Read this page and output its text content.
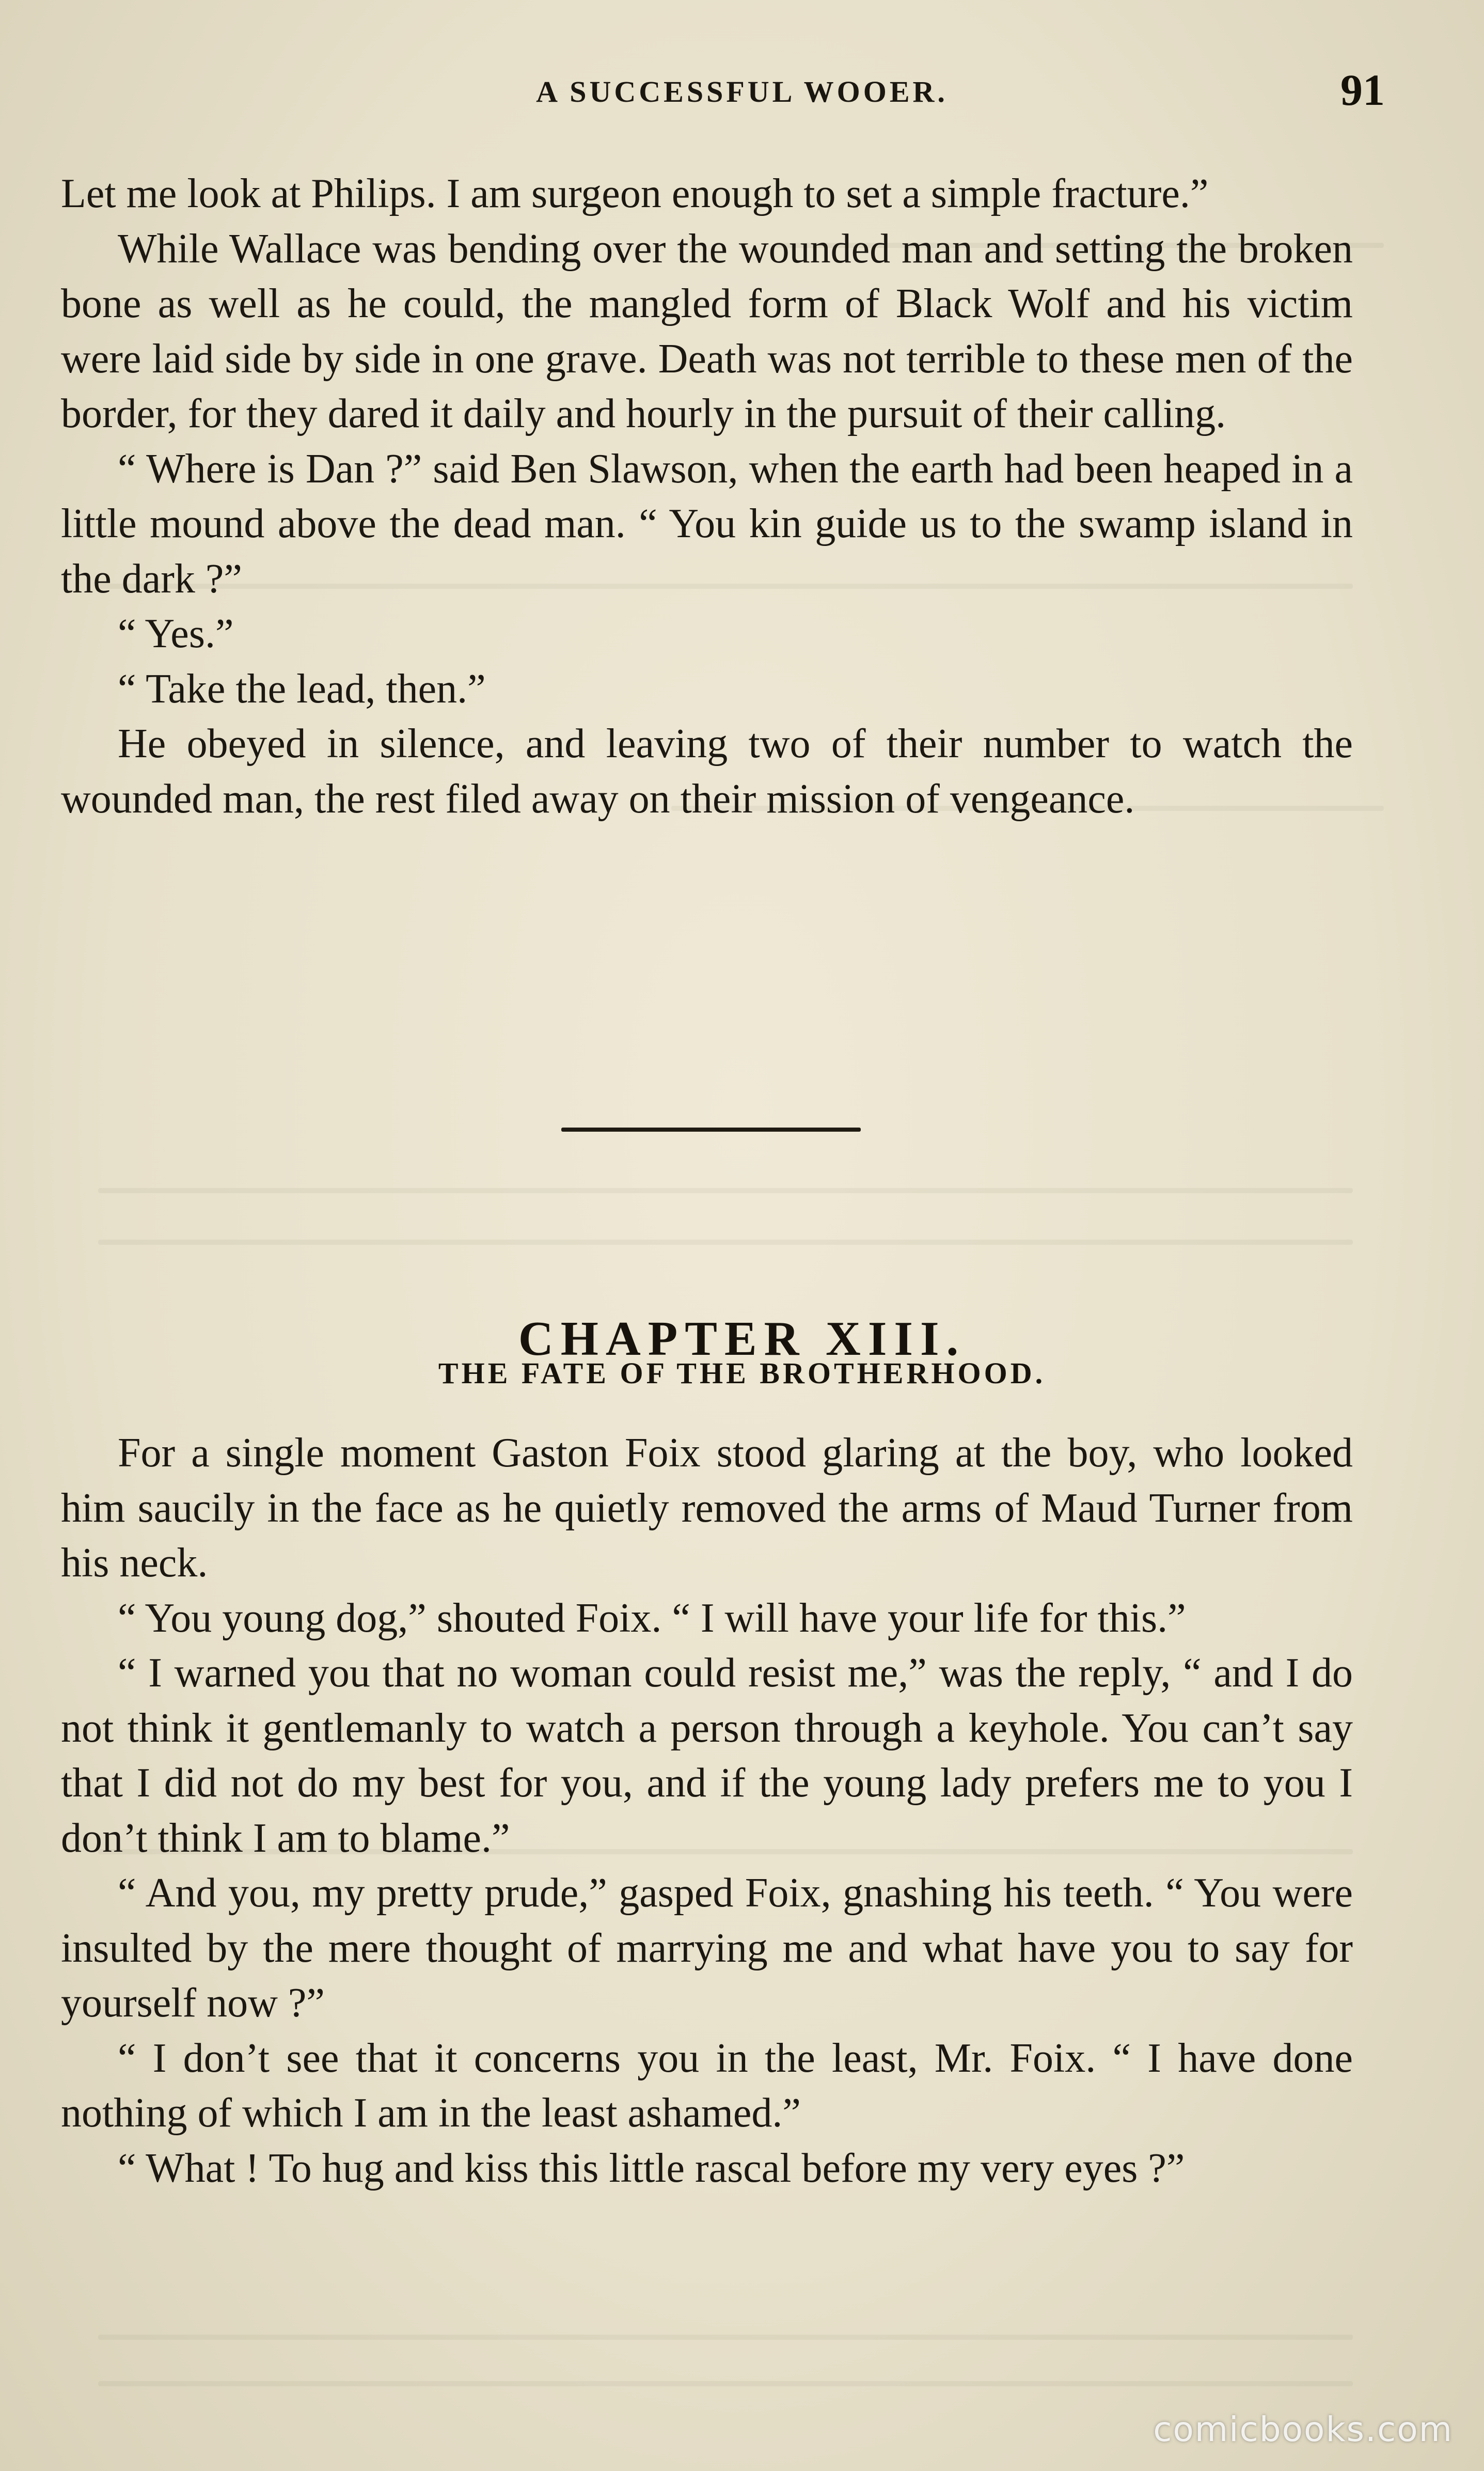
A SUCCESSFUL WOOER.	91

Let me look at Philips. I am surgeon enough to set a simple fracture.”

While Wallace was bending over the wounded man and setting the broken bone as well as he could, the mangled form of Black Wolf and his victim were laid side by side in one grave. Death was not terrible to these men of the border, for they dared it daily and hourly in the pursuit of their calling.

“ Where is Dan ?” said Ben Slawson, when the earth had been heaped in a little mound above the dead man. “ You kin guide us to the swamp island in the dark ?”

“ Yes.”

“ Take the lead, then.”

He obeyed in silence, and leaving two of their number to watch the wounded man, the rest filed away on their mission of vengeance.

CHAPTER XIII.
THE FATE OF THE BROTHERHOOD.

For a single moment Gaston Foix stood glaring at the boy, who looked him saucily in the face as he quietly removed the arms of Maud Turner from his neck.

“ You young dog,” shouted Foix. “ I will have your life for this.”

“ I warned you that no woman could resist me,” was the reply, “ and I do not think it gentlemanly to watch a person through a keyhole. You can’t say that I did not do my best for you, and if the young lady prefers me to you I don’t think I am to blame.”

“ And you, my pretty prude,” gasped Foix, gnashing his teeth. “ You were insulted by the mere thought of marrying me and what have you to say for yourself now ?”

“ I don’t see that it concerns you in the least, Mr. Foix. “ I have done nothing of which I am in the least ashamed.”

“ What ! To hug and kiss this little rascal before my very eyes ?”

comicbooks.com
